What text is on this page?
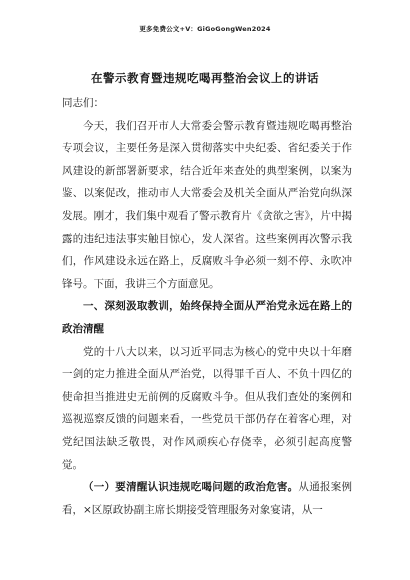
更多免费公文+V：GiGoGongWen2024
在警示教育暨违规吃喝再整治会议上的讲话

同志们：

今天，我们召开市人大常委会警示教育暨违规吃喝再整治专项会议，主要任务是深入贯彻落实中央纪委、省纪委关于作风建设的新部署新要求，结合近年来查处的典型案例，以案为鉴、以案促改，推动市人大常委会及机关全面从严治党向纵深发展。刚才，我们集中观看了警示教育片《贪欲之害》，片中揭露的违纪违法事实触目惊心，发人深省。这些案例再次警示我们，作风建设永远在路上，反腐败斗争必须一刻不停、永吹冲锋号。下面，我讲三个方面意见。

一、深刻汲取教训，始终保持全面从严治党永远在路上的政治清醒

党的十八大以来，以习近平同志为核心的党中央以十年磨一剑的定力推进全面从严治党，以得罪千百人、不负十四亿的使命担当推进史无前例的反腐败斗争。但从我们查处的案例和巡视巡察反馈的问题来看，一些党员干部仍存在着客心理，对党纪国法缺乏敬畏，对作风顽疾心存侥幸，必须引起高度警觉。

（一）要清醒认识违规吃喝问题的政治危害。从通报案例看，×区原政协副主席长期接受管理服务对象宴请，从一
